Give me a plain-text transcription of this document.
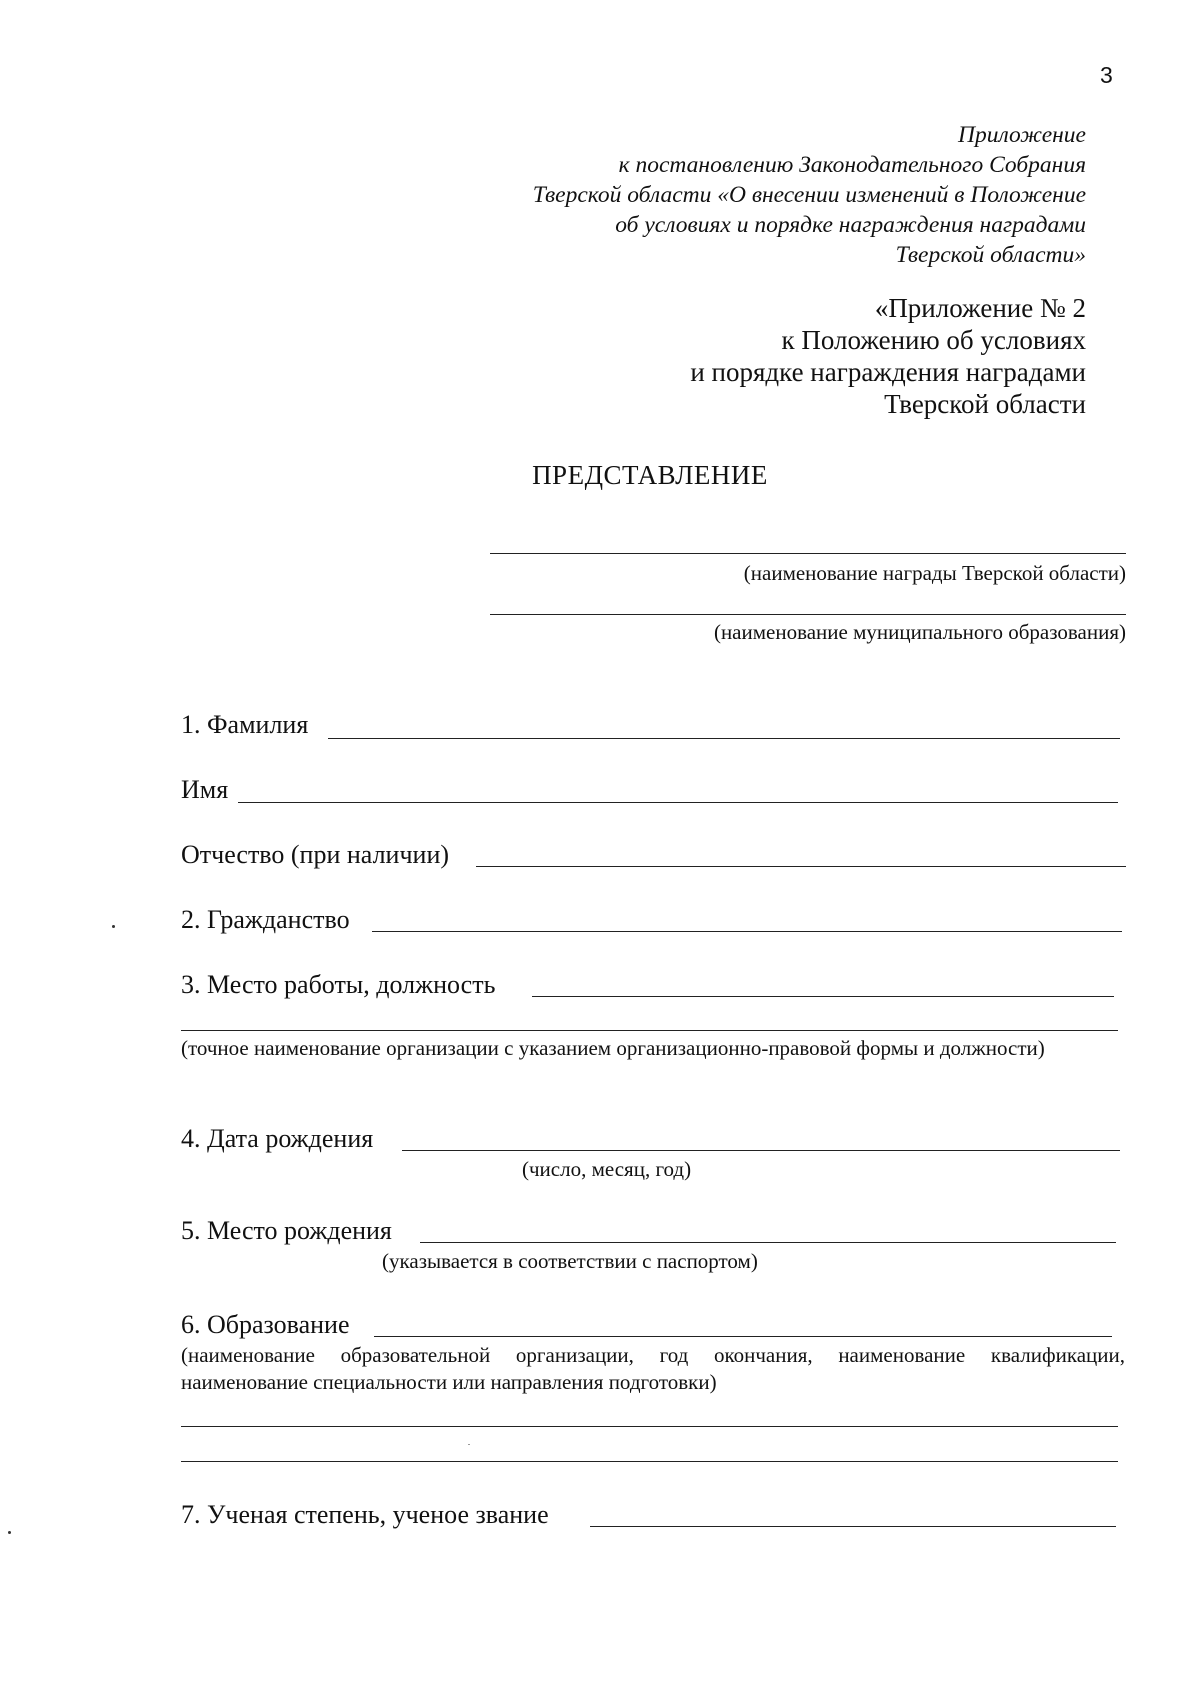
3
Приложение
к постановлению Законодательного Собрания
Тверской области «О внесении изменений в Положение
об условиях и порядке награждения наградами
Тверской области»
«Приложение № 2
к Положению об условиях
и порядке награждения наградами
Тверской области
ПРЕДСТАВЛЕНИЕ
(наименование награды Тверской области)
(наименование муниципального образования)
1. Фамилия
Имя
Отчество (при наличии)
2. Гражданство
3. Место работы, должность
(точное наименование организации с указанием организационно-правовой формы и должности)
4. Дата рождения
(число, месяц, год)
5. Место рождения
(указывается в соответствии с паспортом)
6. Образование
(наименование образовательной организации, год окончания, наименование квалификации, наименование специальности или направления подготовки)
7. Ученая степень, ученое звание
